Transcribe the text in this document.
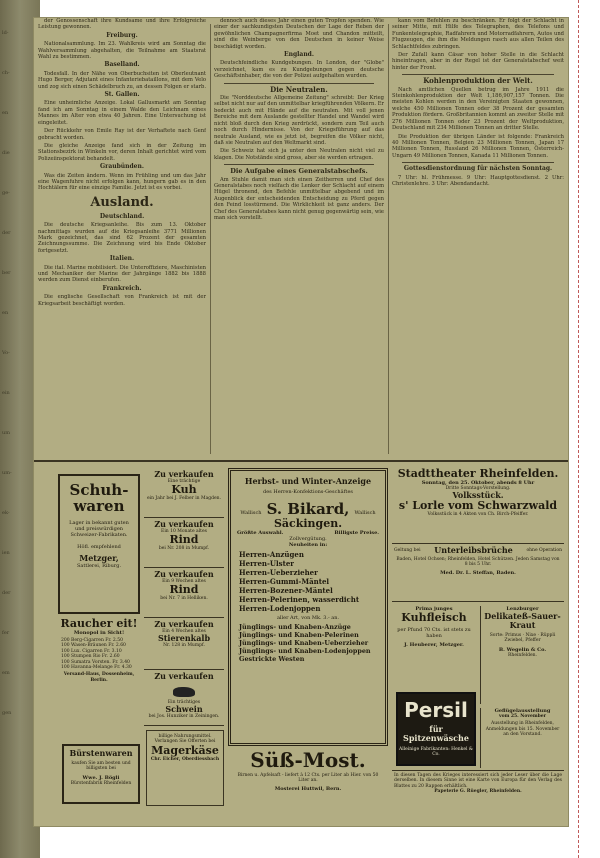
ld-
ch-
en
die
ge-
der
ber
en
Vo-
ein
um
um-
ek-
ien
der
fer
em
gen

der Genossenschaft ihre Kundsame und ihre Erfolgreiche Leistung gewonnen.

Freiburg.

Nationalsammlung. Im 23. Wahlkreis wird am Sonntag die Wahlversammlung abgehalten, die Teilnahme am Staatsrat Wahl zu bestimmen.

Baselland.

Todesfall. In der Nähe von Oberbuchsiten ist Oberleutnant Hugo Berger, Adjutant eines Infanteriebataillons, mit dem Velo und zog sich einen Schädelbruch zu, an dessen Folgen er starb.

St. Gallen.

Eine unheimliche Anzeige. Lokal Gallusmarkt am Sonntag fand ich am Sonntag in einem Walde den Leichnam eines Mannes im Alter von etwa 40 Jahren. Eine Untersuchung ist eingeleitet.

Der Rückkehr von Emile Ray ist der Verhaftete nach Genf gebracht worden.

Die gleiche Anzeige fand sich in der Zeitung im Stationsbezirk in Winkeln vor, deren Inhalt gerichtet wird vom Polizeiinspektorat behandelt.

Graubünden.

Was die Zeiten ändern. Wenn im Frühling und um das Jahr eine Wagenfuhre nicht erfolgen kann, hungern gab es in den Hochtälern für eine einzige Familie. Jetzt ist es vorbei.

Ausland.
Deutschland.

Die deutsche Kriegsanleihe. Bis zum 13. Oktober nachmittags wurden auf die Kriegsanleihe 3771 Millionen Mark gezeichnet, das sind 62 Prozent der gesamten Zeichnungssumme. Die Zeichnung wird bis Ende Oktober fortgesetzt.

Italien.

Die ital. Marine mobilisiert. Die Unteroffiziere, Maschinisten und Mechaniker der Marine der Jahrgänge 1882 bis 1888 werden zum Dienst einberufen.

Frankreich.

Die englische Gesellschaft von Frankreich ist mit der Kriegsarbeit beschäftigt worden.

dennoch auch dieses Jahr einen guten Tropfen spenden. Wie einer der sachkundigsten Deutschen der Lage der Reben der gewöhnlichen Champagnerfirma Moet und Chandon mitteilt, sind die Weinberge von den Deutschen in keiner Weise beschädigt worden.

England.

Deutschfeindliche Kundgebungen. In London, der "Globe" verzeichnet, kam es zu Kundgebungen gegen deutsche Geschäftsinhaber, die von der Polizei aufgehalten wurden.

Die Neutralen.

Die "Norddeutsche Allgemeine Zeitung" schreibt: Der Krieg selbst nicht nur auf den unmittelbar kriegführenden Völkern. Er bedeckt auch mit Hände auf die neutralen. Mit voll jenen Bereiche mit dem Auslande gestellter Handel und Wandel wird nicht bloß durch den Krieg zerdrückt, sondern zum Teil auch noch durch Hindernisse. Von der Kriegsführung auf das neutrale Ausland, wie es jetzt ist, begreifen die Völker nicht, daß sie Neutralen auf den Weltmarkt sind.

Die Schweiz hat sich ja unter den Neutralen nicht viel zu klagen. Die Notstände sind gross, aber sie werden ertragen.

Die Aufgabe eines Generalstabschefs.

Am Stuhle damit man sich einen Zeitherren und Chef des Generalstabes noch vielfach die Lenker der Schlacht auf einem Hügel thronend, den Befehle unmittelbar abgebend und im Augenblick der entscheidenden Entscheidung zu Pferd gegen den Feind losstürmend. Die Wirklichkeit ist ganz anders. Der Chef des Generalstabes kann nicht genug gegenwärtig sein, wie man sich vorstellt.

kann vom Befehlen zu beschränken. Er folgt der Schlacht in seiner Mitte, mit Hilfe des Telegraphen, des Telefons und Funkentelegraphie, Radfahrern und Motorradfahrern, Autos und Flugzeugen, die ihm die Meldungen rasch aus allen Teilen des Schlachtfeldes zubringen.

Der Zufall kann Cäsar von hoher Stelle in die Schlacht hineintragen, aber in der Regel ist der Generalstabschef weit hinter der Front.

Kohlenproduktion der Welt.

Nach amtlichen Quellen betrug im Jahre 1911 die Steinkohlenproduktion der Welt 1,186,907,157 Tonnen. Die meisten Kohlen werden in den Vereinigten Staaten gewonnen, welche 450 Millionen Tonnen oder 38 Prozent der gesamten Produktion fördern. Großbritannien kommt an zweiter Stelle mit 276 Millionen Tonnen oder 23 Prozent der Weltproduktion, Deutschland mit 234 Millionen Tonnen an dritter Stelle.

Die Produktion der übrigen Länder ist folgende: Frankreich 40 Millionen Tonnen, Belgien 23 Millionen Tonnen, Japan 17 Millionen Tonnen, Russland 26 Millionen Tonnen, Österreich-Ungarn 49 Millionen Tonnen, Kanada 11 Millionen Tonnen.

Gottesdienstordnung für nächsten Sonntag.

7 Uhr: hl. Frühmesse. 9 Uhr: Hauptgottesdienst. 2 Uhr: Christenlehre. 3 Uhr: Abendandacht.

Schuh-waren
Lager in bekannt guten und preiswürdigen Schweizer-Fabrikaten.
Höfl. empfehlend
Metzger,
Sattlerei, Riburg.
Raucher eit!
Monopol in Sicht!
200 Berg-Cigarren Fr. 2.50
100 Wasen-Bräunen Fr. 2.60
100 Lux. Cigarren Fr. 3.10
100 Stumpen Rio Fr. 2.60
100 Sumatra Vorsten. Fr. 3.40
100 Havanna-Melange Fr. 4.30
Versand-Haus, Dossenheim, Berlin.
Bürstenwaren
kaufen Sie am besten und billigsten bei
Wwe. J. Bögli
Bürstenfabrik Rheinfelden
Zu verkaufen
Eine trächtige
Kuh
ein Jahr bei J. Felber in Magden.
Zu verkaufen
Ein 10 Monate altes
Rind
bei Nr. 208 in Mumpf.
Zu verkaufen
Ein 9 Wochen altes
Rind
bei Nr. 7 in Helliken.
Zu verkaufen
Ein 4 Wochen altes
Stierenkalb
Nr. 128 in Mumpf.
Zu verkaufen
Ein trächtiges
Schwein
bei Jos. Hunziker in Zeiningen.
billige Nahrungsmittel. Verlangen Sie Offerten bei
Magerkäse
Chr. Eicher, Oberdiessbach
Herbst- und Winter-Anzeige
des Herren-Konfektions-Geschäftes
Wallisch S. Bikard, Wallisch
Säckingen.
Größte Auswahl.	Billigste Preise.
Zollvergütung.
Neuheiten in:
Herren-Anzügen
Herren-Ulster
Herren-Ueberzieher
Herren-Gummi-Mäntel
Herren-Bozener-Mäntel
Herren-Pelerinen, wasserdicht
Herren-Lodenjoppen
aller Art, von Mk. 3.- an.
Jünglings- und Knaben-Anzüge
Jünglings- und Knaben-Pelerinen
Jünglings- und Knaben-Ueberzieher
Jünglings- und Knaben-Lodenjoppen
Gestrickte Westen
Süß-Most.
Birnen u. Apfelsaft - liefert à 12 Cts. per Liter ab Hier. von 50 Liter an.
Mosterei Huttwil, Bern.
Stadttheater Rheinfelden.
Sonntag, den 25. Oktober, abends 8 Uhr
Dritte Sonntags-Vorstellung.
Volksstück.
s' Lorle vom Schwarzwald
Volksstück in 4 Akten von Ch. Birch-Pfeiffer.
Geltung bei Unterleibsbrüche	ohne Operation
Baden, Hotel Ochsen; Rheinfelden, Hotel Schützen. Jeden Samstag von 8 bis 5 Uhr.
Med. Dr. L. Steffan, Baden.
Prima junges
Kuhfleisch
per Pfund 70 Cts. ist stets zu haben
J. Heuberer, Metzger.
Lenzburger
Delikateß-Sauer-Kraut
Sorte: Primus · Nixe · Rüppli Zwiebel, Pfeffer
B. Wegelin & Co.
Rheinfelden.
Persil
für Spitzenwäsche
Alleinige Fabrikanten: Henkel & Co.
Geflügelausstellung
vom 25. November
Ausstellung in Rheinfelden, Anmeldungen bis 15. November an den Vorstand.
In diesen Tagen des Krieges interessiert sich jeder Leser über die Lage derselben. In diesem Sinne ist eine Karte von Europa für den Verlag des Blattes zu 20 Rappen erhältlich.
Papeterie G. Rüegler, Rheinfelden.
